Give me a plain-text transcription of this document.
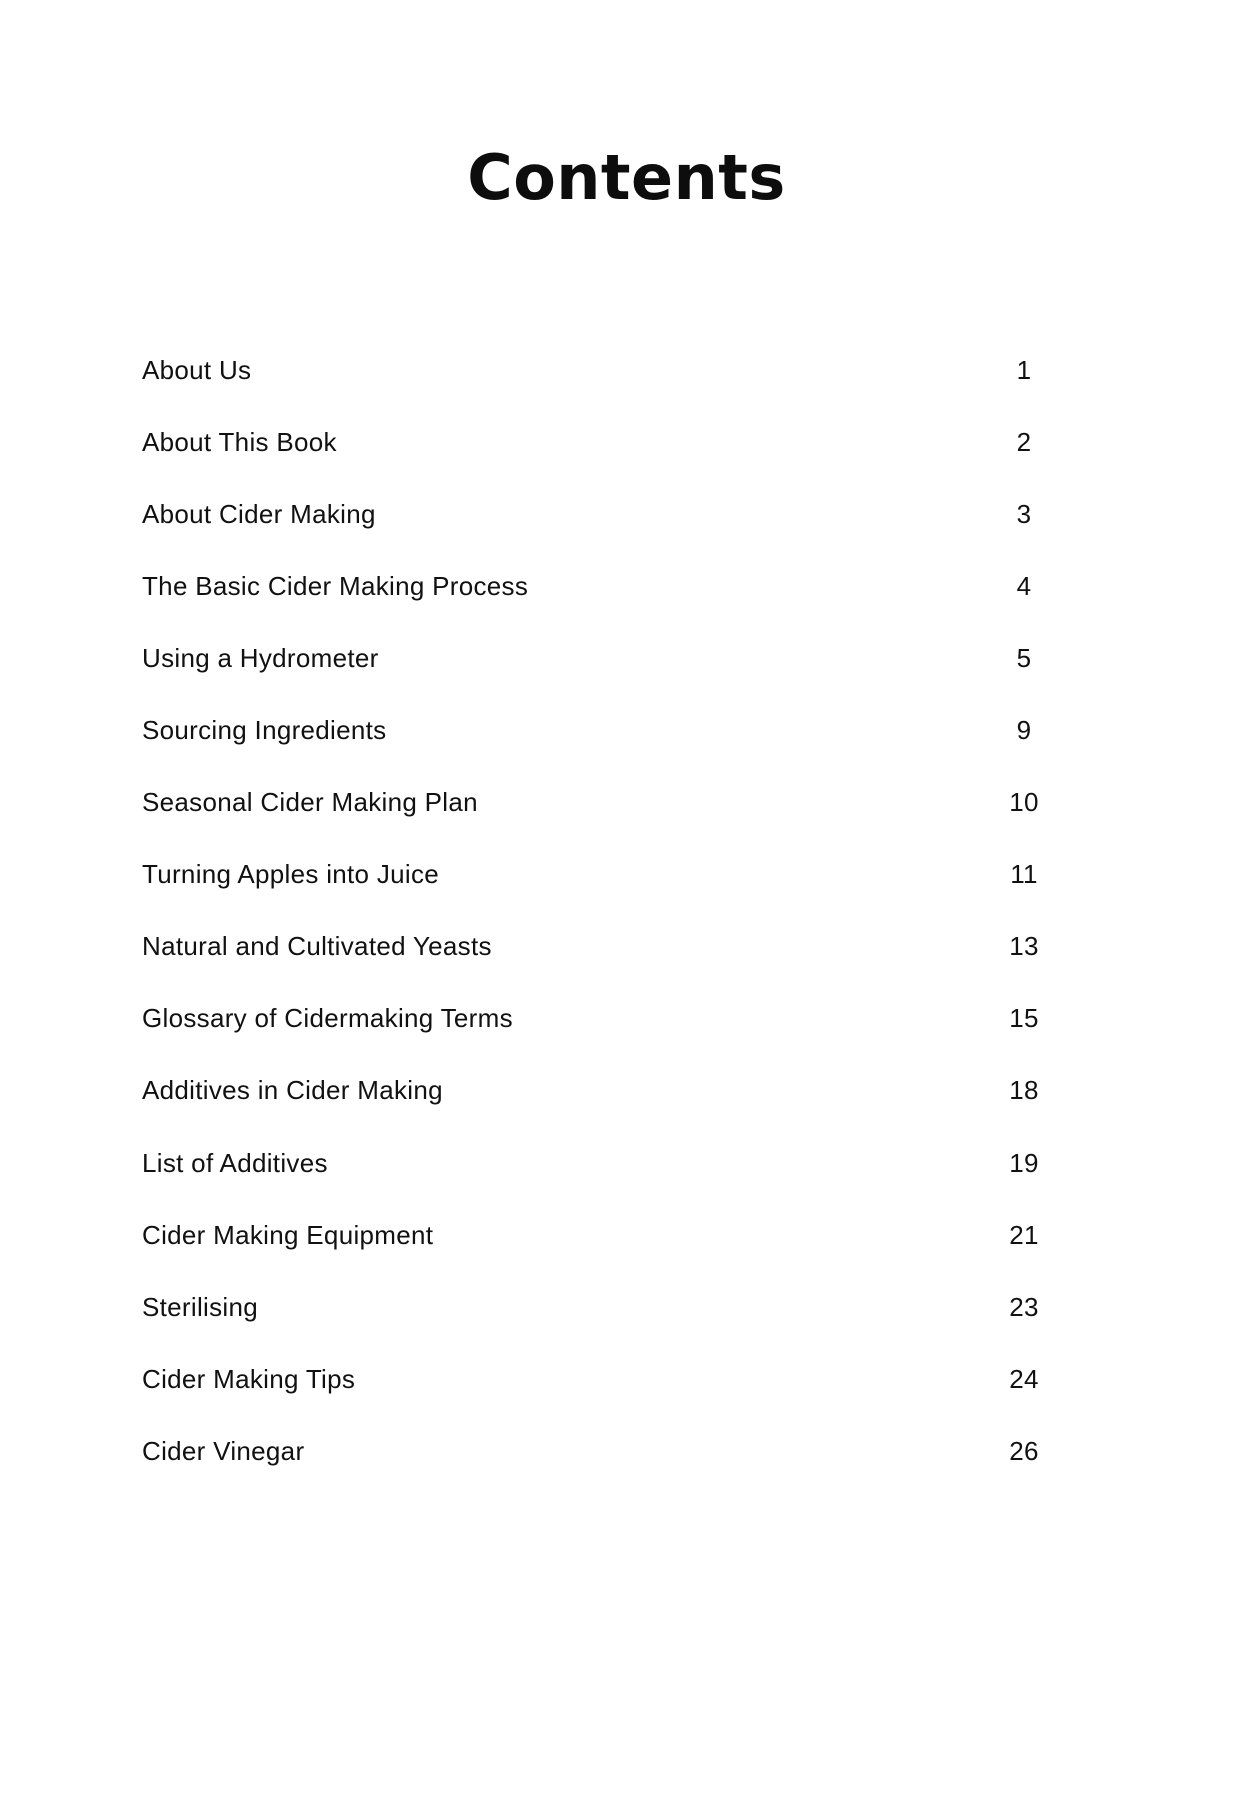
Contents
About Us	1
About This Book	2
About Cider Making	3
The Basic Cider Making Process	4
Using a Hydrometer	5
Sourcing Ingredients	9
Seasonal Cider Making Plan	10
Turning Apples into Juice	11
Natural and Cultivated Yeasts	13
Glossary of Cidermaking Terms	15
Additives in Cider Making	18
List of Additives	19
Cider Making Equipment	21
Sterilising	23
Cider Making Tips	24
Cider Vinegar	26
